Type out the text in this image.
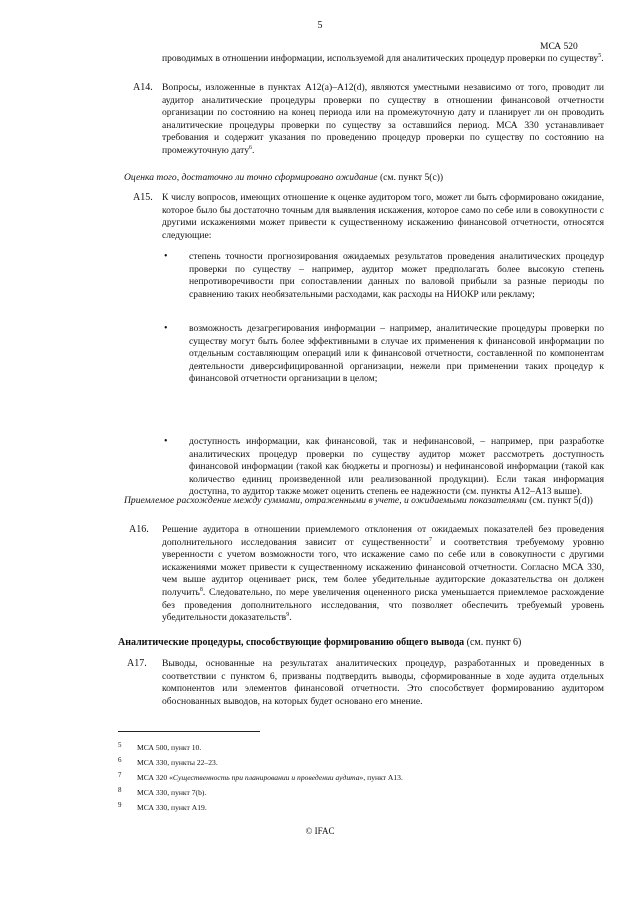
5
МСА 520
проводимых в отношении информации, используемой для аналитических процедур проверки по существу$^5$.
A14. Вопросы, изложенные в пунктах A12(a)–A12(d), являются уместными независимо от того, проводит ли аудитор аналитические процедуры проверки по существу в отношении финансовой отчетности организации по состоянию на конец периода или на промежуточную дату и планирует ли он проводить аналитические процедуры проверки по существу за оставшийся период. МСА 330 устанавливает требования и содержит указания по проведению процедур проверки по существу по состоянию на промежуточную дату$^6$.
Оценка того, достаточно ли точно сформировано ожидание (см. пункт 5(с))
A15. К числу вопросов, имеющих отношение к оценке аудитором того, может ли быть сформировано ожидание, которое было бы достаточно точным для выявления искажения, которое само по себе или в совокупности с другими искажениями может привести к существенному искажению финансовой отчетности, относятся следующие:
• степень точности прогнозирования ожидаемых результатов проведения аналитических процедур проверки по существу – например, аудитор может предполагать более высокую степень непротиворечивости при сопоставлении данных по валовой прибыли за разные периоды по сравнению таких необязательными расходами, как расходы на НИОКР или рекламу;
• возможность дезагрегирования информации – например, аналитические процедуры проверки по существу могут быть более эффективными в случае их применения к финансовой информации по отдельным составляющим операций или к финансовой отчетности, составленной по компонентам деятельности диверсифицированной организации, нежели при применении таких процедур к финансовой отчетности организации в целом;
• доступность информации, как финансовой, так и нефинансовой, – например, при разработке аналитических процедур проверки по существу аудитор может рассмотреть доступность финансовой информации (такой как бюджеты и прогнозы) и нефинансовой информации (такой как количество единиц произведенной или реализованной продукции). Если такая информация доступна, то аудитор также может оценить степень ее надежности (см. пункты A12–A13 выше).
Приемлемое расхождение между суммами, отраженными в учете, и ожидаемыми показателями (см. пункт 5(d))
A16. Решение аудитора в отношении приемлемого отклонения от ожидаемых показателей без проведения дополнительного исследования зависит от существенности$^7$ и соответствия требуемому уровню уверенности с учетом возможности того, что искажение само по себе или в совокупности с другими искажениями может привести к существенному искажению финансовой отчетности. Согласно МСА 330, чем выше аудитор оценивает риск, тем более убедительные аудиторские доказательства он должен получить$^8$. Следовательно, по мере увеличения оцененного риска уменьшается приемлемое расхождение без проведения дополнительного исследования, что позволяет обеспечить требуемый уровень убедительности доказательств$^9$.
Аналитические процедуры, способствующие формированию общего вывода (см. пункт 6)
A17. Выводы, основанные на результатах аналитических процедур, разработанных и проведенных в соответствии с пунктом 6, призваны подтвердить выводы, сформированные в ходе аудита отдельных компонентов или элементов финансовой отчетности. Это способствует формированию аудитором обоснованных выводов, на которых будет основано его мнение.
5 МСА 500, пункт 10.
6 МСА 330, пункты 22–23.
7 МСА 320 «Существенность при планировании и проведении аудита», пункт A13.
8 МСА 330, пункт 7(b).
9 МСА 330, пункт A19.
© IFAC
